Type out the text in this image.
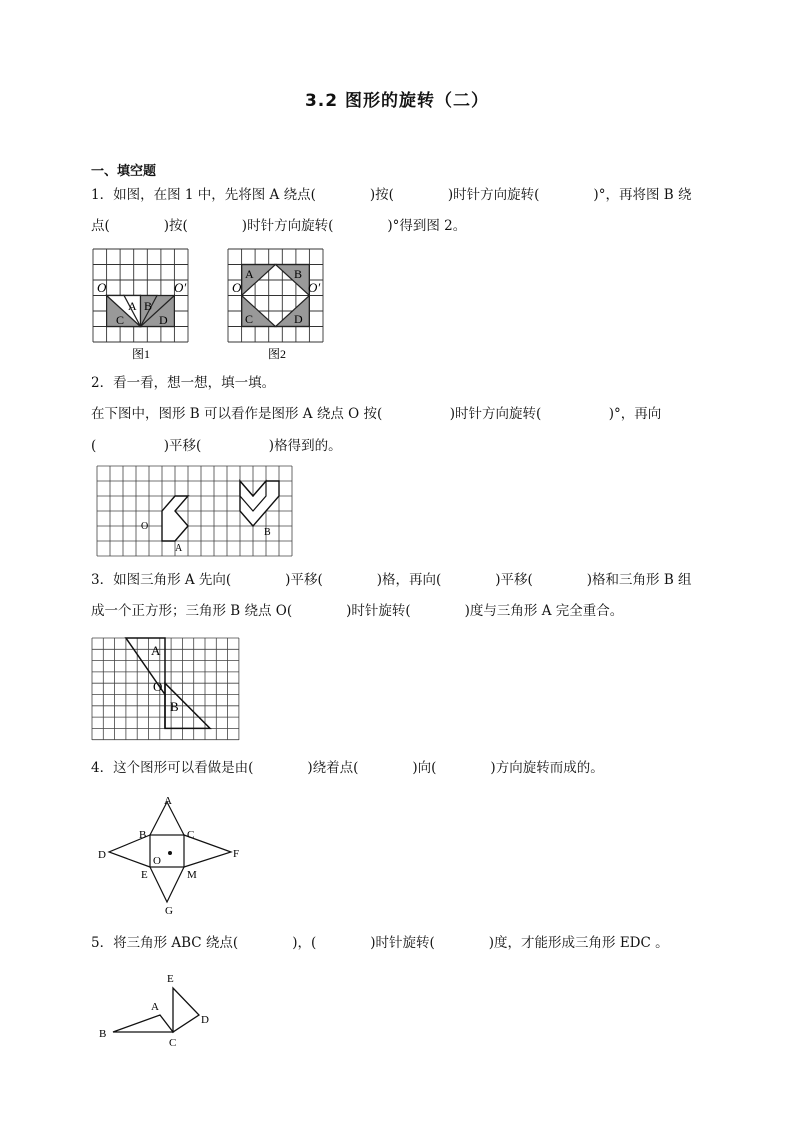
3.2 图形的旋转（二）
一、填空题
1．如图，在图 1 中，先将图 A 绕点(　　　　)按(　　　　)时针方向旋转(　　　　)°，再将图 B 绕
点(　　　　)按(　　　　)时针方向旋转(　　　　)°得到图 2。
O	O′
A B
C	D
图1
A	B
C	D
O	O′
图2
2．看一看，想一想，填一填。
在下图中，图形 B 可以看作是图形 A 绕点 O 按(　　　　　)时针方向旋转(　　　　　)°，再向
(　　　　　)平移(　　　　　)格得到的。
O
A
B
3．如图三角形 A 先向(　　　　)平移(　　　　)格，再向(　　　　)平移(　　　　)格和三角形 B 组
成一个正方形；三角形 B 绕点 O(　　　　)时针旋转(　　　　)度与三角形 A 完全重合。
A
O
B
4．这个图形可以看做是由(　　　　)绕着点(　　　　)向(　　　　)方向旋转而成的。
A
B	C
D	F
O
E	M
G
5．将三角形 ABC 绕点(　　　　)，(　　　　)时针旋转(　　　　)度，才能形成三角形 EDC 。
E
A
D
B
C
